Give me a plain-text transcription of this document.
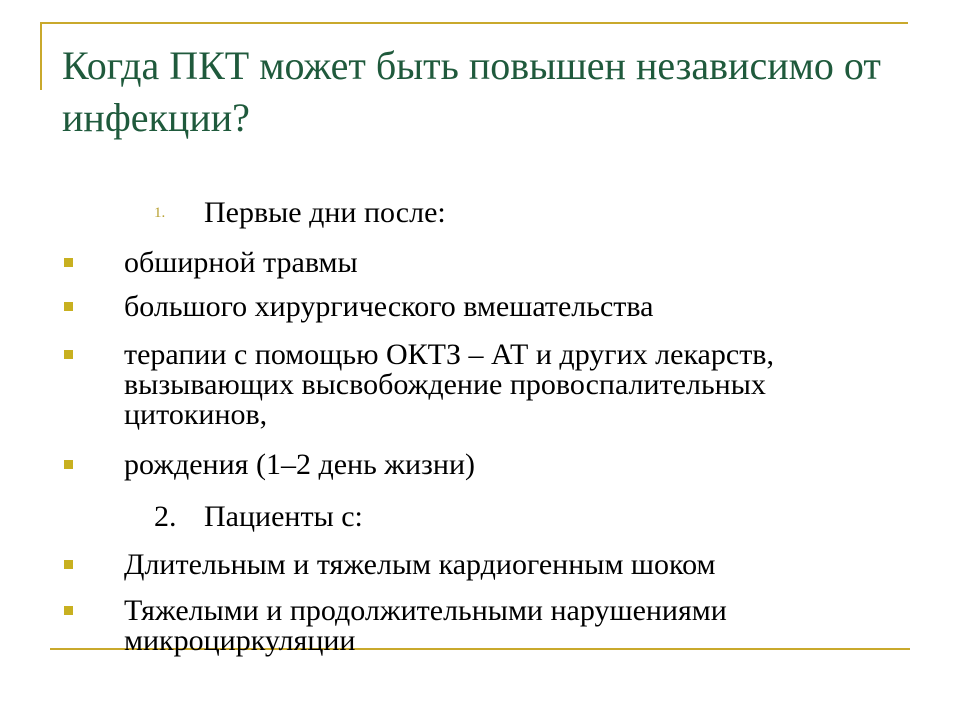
Когда ПКТ может быть повышен независимо от инфекции?
1. Первые дни после:
обширной травмы
большого хирургического вмешательства
терапии с помощью ОКТЗ – АТ и других лекарств, вызывающих высвобождение провоспалительных цитокинов,
рождения (1–2 день жизни)
2. Пациенты с:
Длительным и тяжелым кардиогенным шоком
Тяжелыми и продолжительными нарушениями микроциркуляции
